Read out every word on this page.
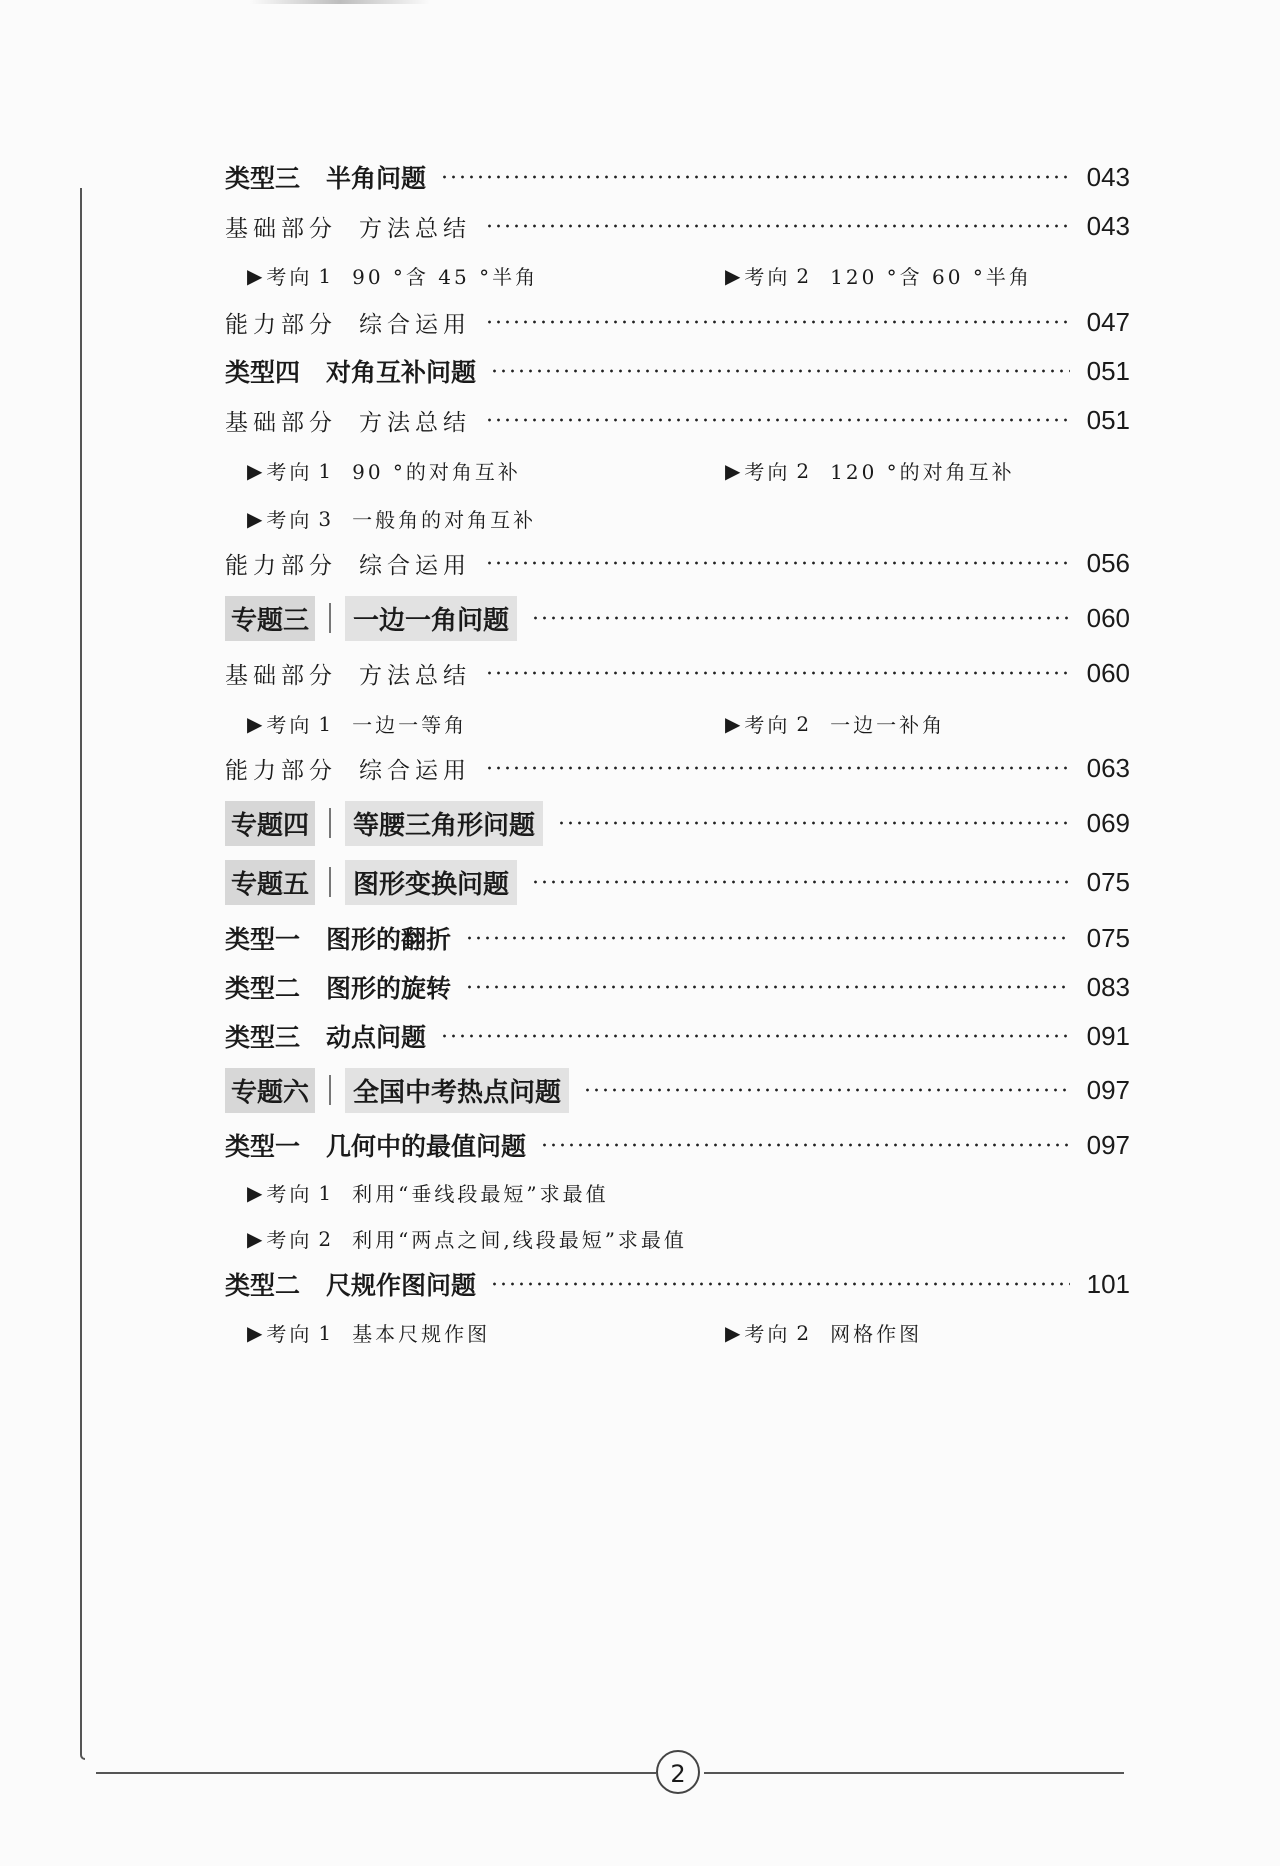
2
类型三 半角问题	043
基础部分 方法总结	043
▶ 考向 1 90 °含 45 °半角	▶ 考向 2 120 °含 60 °半角
能力部分 综合运用	047
类型四 对角互补问题	051
基础部分 方法总结	051
▶ 考向 1 90 °的对角互补	▶ 考向 2 120 °的对角互补
▶ 考向 3 一般角的对角互补
能力部分 综合运用	056
专题三	一边一角问题	060
基础部分 方法总结	060
▶ 考向 1 一边一等角	▶ 考向 2 一边一补角
能力部分 综合运用	063
专题四	等腰三角形问题	069
专题五	图形变换问题	075
类型一 图形的翻折	075
类型二 图形的旋转	083
类型三 动点问题	091
专题六	全国中考热点问题	097
类型一 几何中的最值问题	097
▶ 考向 1 利用“垂线段最短”求最值
▶ 考向 2 利用“两点之间,线段最短”求最值
类型二 尺规作图问题	101
▶ 考向 1 基本尺规作图	▶ 考向 2 网格作图
